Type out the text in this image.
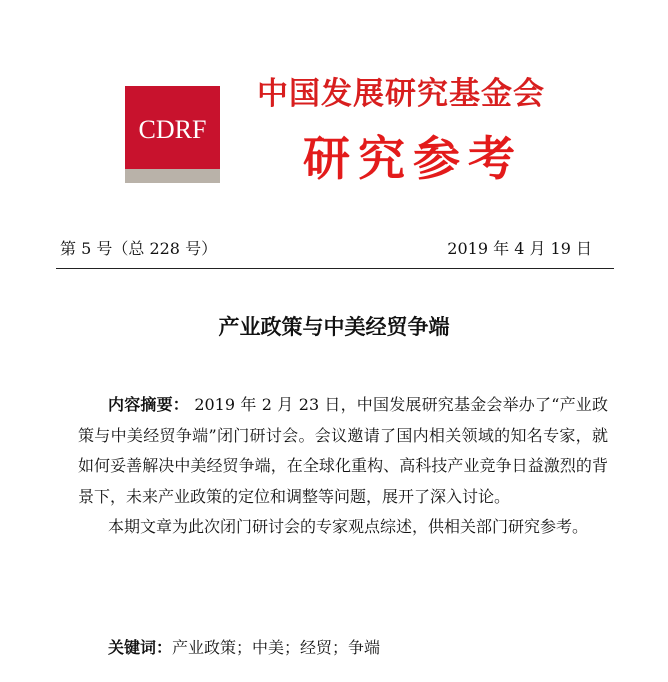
CDRF
中国发展研究基金会
研究参考
第 5 号（总 228 号）	2019 年 4 月 19 日
产业政策与中美经贸争端

内容摘要： 2019 年 2 月 23 日，中国发展研究基金会举办了“产业政策与中美经贸争端”闭门研讨会。会议邀请了国内相关领域的知名专家，就如何妥善解决中美经贸争端，在全球化重构、高科技产业竞争日益激烈的背景下，未来产业政策的定位和调整等问题，展开了深入讨论。

本期文章为此次闭门研讨会的专家观点综述，供相关部门研究参考。

关键词：产业政策；中美；经贸；争端
